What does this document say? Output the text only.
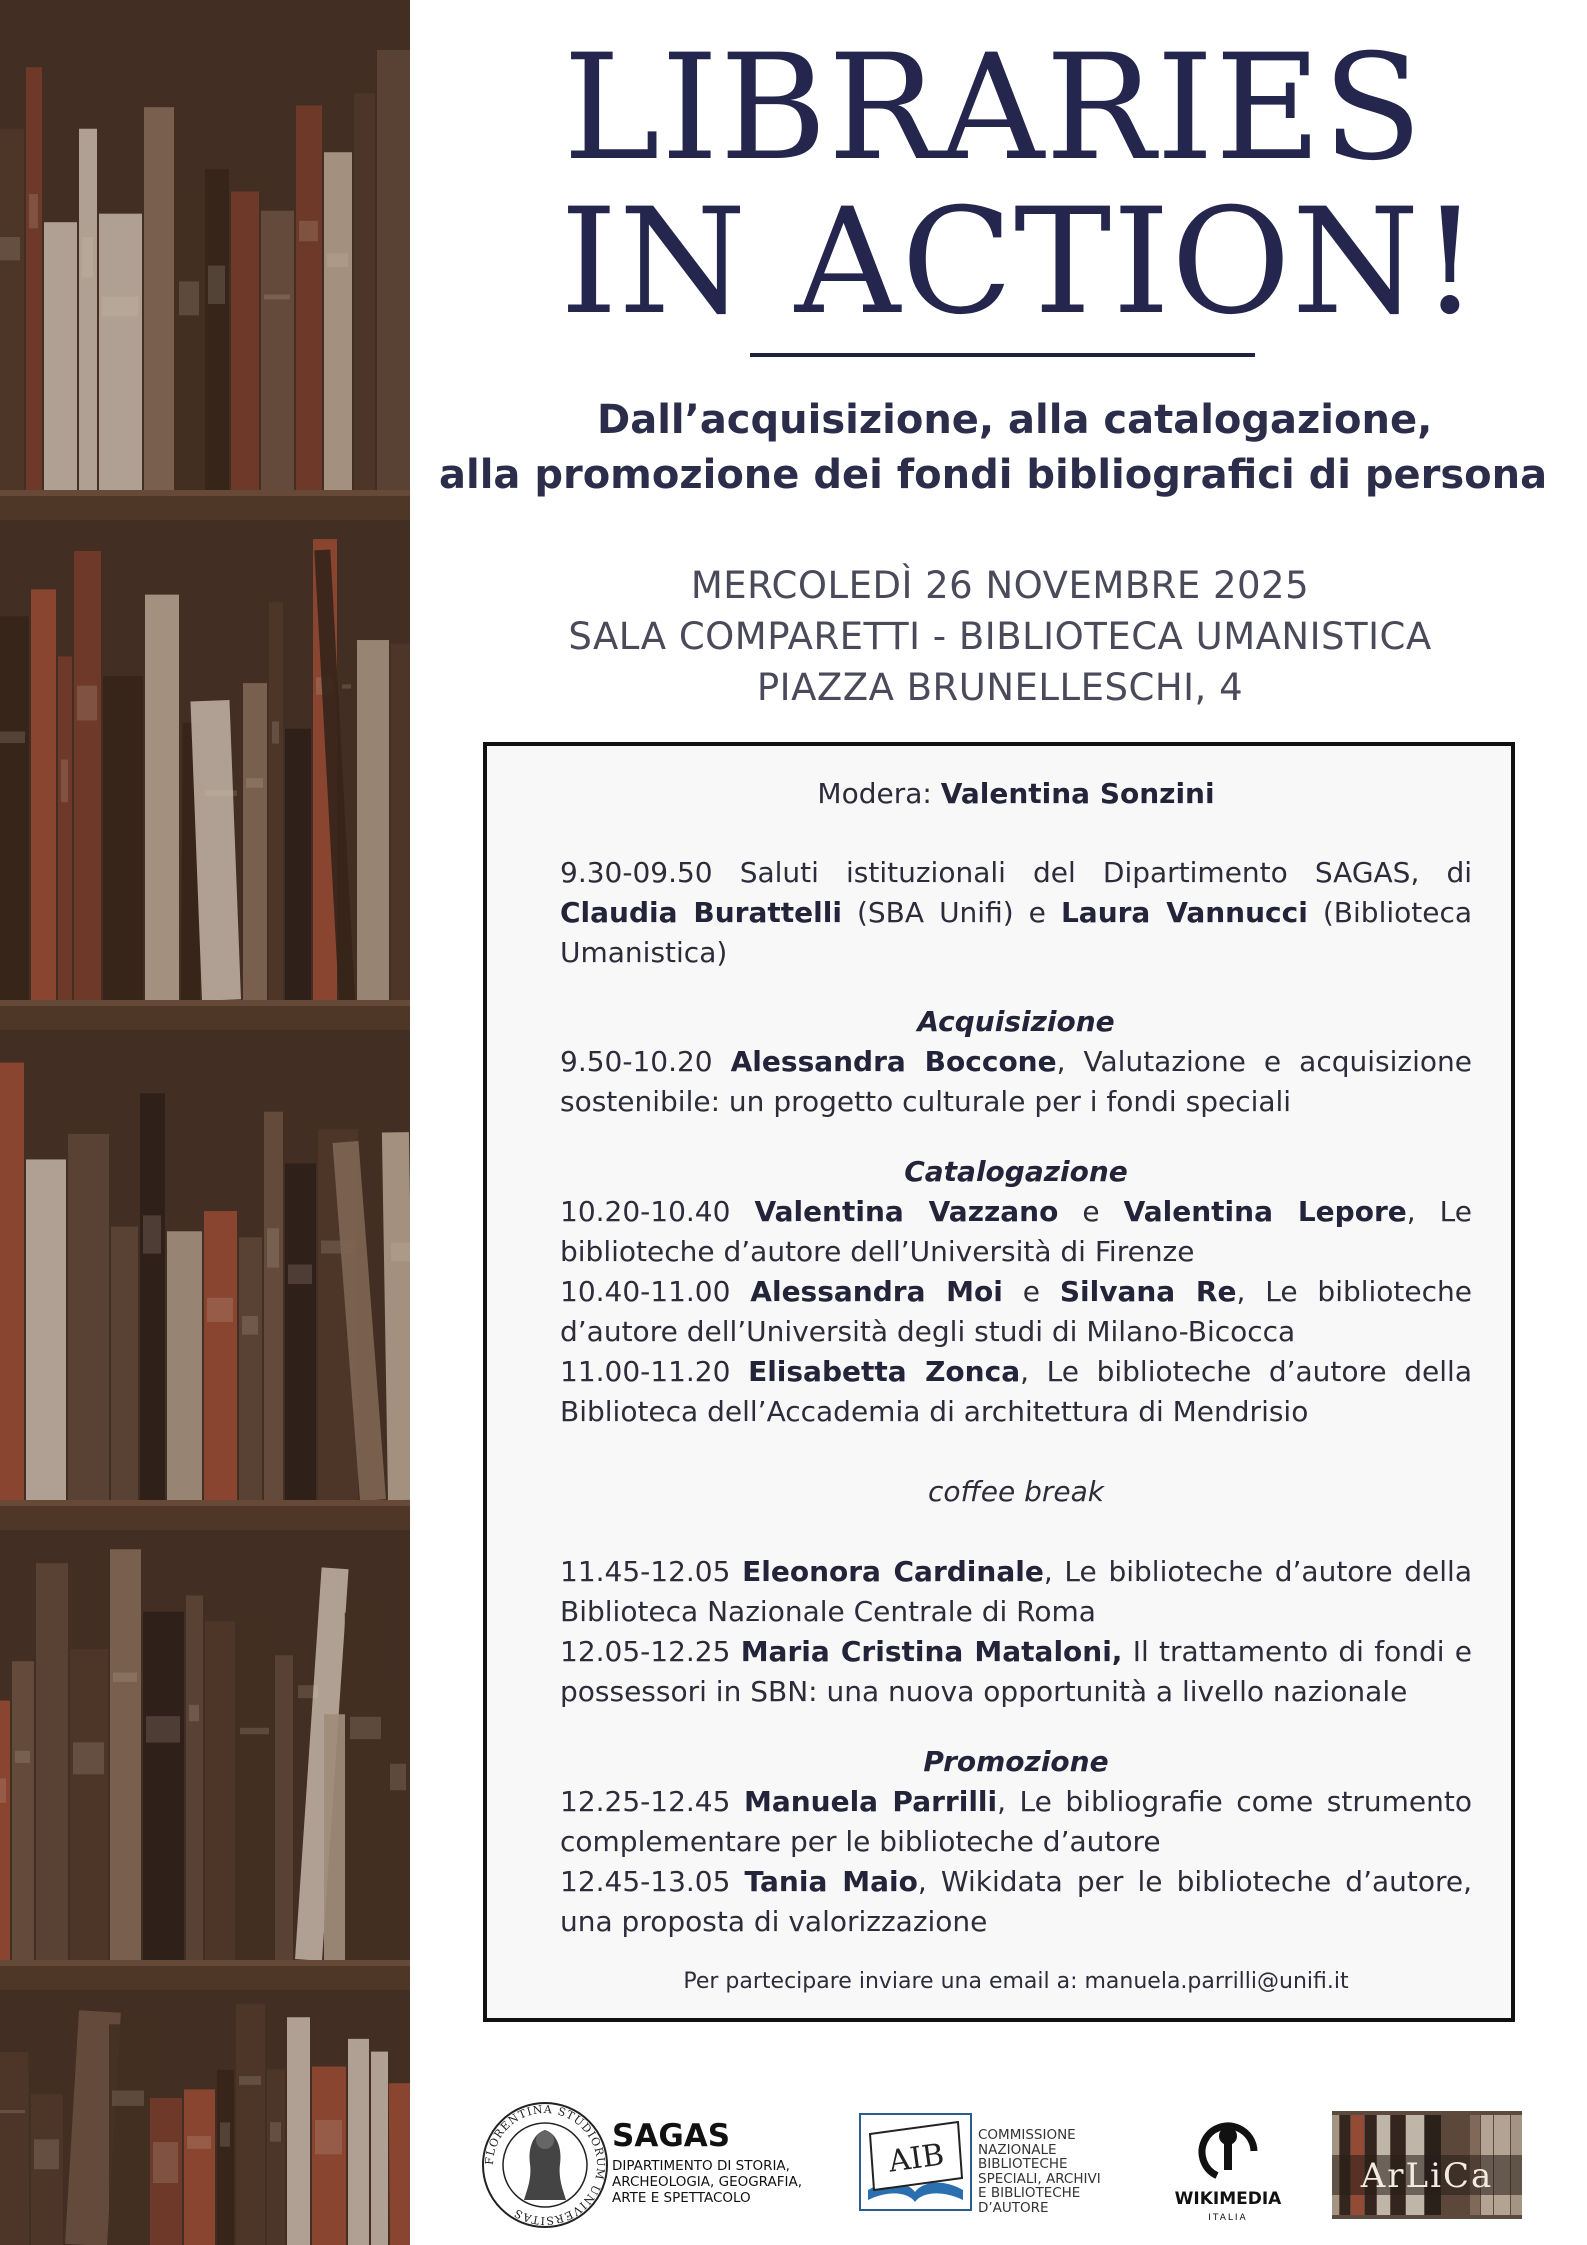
LIBRARIES
IN ACTION!
Dall’acquisizione, alla catalogazione,
alla promozione dei fondi bibliografici di persona
MERCOLEDÌ 26 NOVEMBRE 2025
SALA COMPARETTI - BIBLIOTECA UMANISTICA
PIAZZA BRUNELLESCHI, 4

Modera: Valentina Sonzini

9.30-09.50 Saluti istituzionali del Dipartimento SAGAS, di

Claudia Burattelli (SBA Unifi) e Laura Vannucci (Biblioteca

Umanistica)

Acquisizione

9.50-10.20 Alessandra Boccone, Valutazione e acquisizione

sostenibile: un progetto culturale per i fondi speciali

Catalogazione

10.20-10.40 Valentina Vazzano e Valentina Lepore, Le

biblioteche d’autore dell’Università di Firenze

10.40-11.00 Alessandra Moi e Silvana Re, Le biblioteche

d’autore dell’Università degli studi di Milano-Bicocca

11.00-11.20 Elisabetta Zonca, Le biblioteche d’autore della

Biblioteca dell’Accademia di architettura di Mendrisio

coffee break

11.45-12.05 Eleonora Cardinale, Le biblioteche d’autore della

Biblioteca Nazionale Centrale di Roma

12.05-12.25 Maria Cristina Mataloni, Il trattamento di fondi e

possessori in SBN: una nuova opportunità a livello nazionale

Promozione

12.25-12.45 Manuela Parrilli, Le bibliografie come strumento

complementare per le biblioteche d’autore

12.45-13.05 Tania Maio, Wikidata per le biblioteche d’autore,

una proposta di valorizzazione

Per partecipare inviare una email a: manuela.parrilli@unifi.it

FLORENTINA STUDIORUM UNIVERSITAS

SAGAS

DIPARTIMENTO DI STORIA,
ARCHEOLOGIA, GEOGRAFIA,
ARTE E SPETTACOLO
AIB
COMMISSIONE
NAZIONALE
BIBLIOTECHE
SPECIALI, ARCHIVI
E BIBLIOTECHE
D’AUTORE	WIKIMEDIA
ITALIA
ArLiCa
